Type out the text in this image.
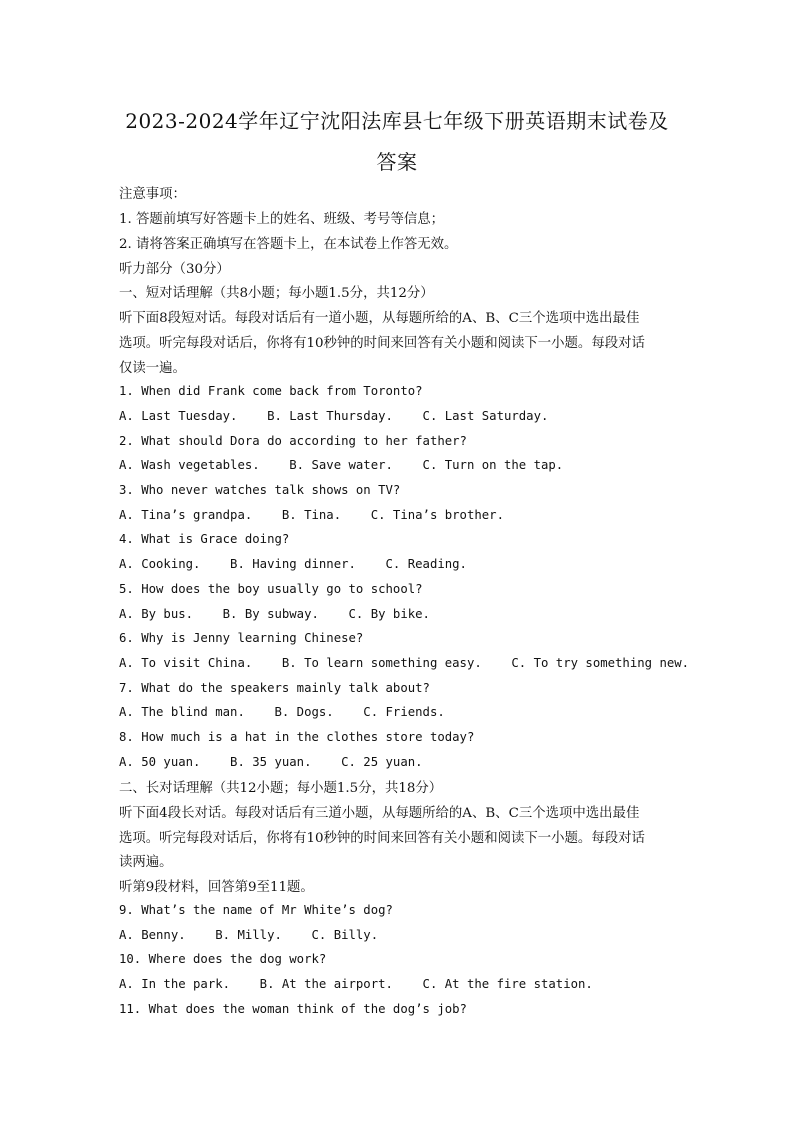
2023-2024学年辽宁沈阳法库县七年级下册英语期末试卷及
答案
注意事项：
1. 答题前填写好答题卡上的姓名、班级、考号等信息；
2. 请将答案正确填写在答题卡上，在本试卷上作答无效。
听力部分（30分）
一、短对话理解（共8小题；每小题1.5分，共12分）
听下面8段短对话。每段对话后有一道小题，从每题所给的A、B、C三个选项中选出最佳
选项。听完每段对话后，你将有10秒钟的时间来回答有关小题和阅读下一小题。每段对话
仅读一遍。
1. When did Frank come back from Toronto?
A. Last Tuesday.    B. Last Thursday.    C. Last Saturday.
2. What should Dora do according to her father?
A. Wash vegetables.    B. Save water.    C. Turn on the tap.
3. Who never watches talk shows on TV?
A. Tina’s grandpa.    B. Tina.    C. Tina’s brother.
4. What is Grace doing?
A. Cooking.    B. Having dinner.    C. Reading.
5. How does the boy usually go to school?
A. By bus.    B. By subway.    C. By bike.
6. Why is Jenny learning Chinese?
A. To visit China.    B. To learn something easy.    C. To try something new.
7. What do the speakers mainly talk about?
A. The blind man.    B. Dogs.    C. Friends.
8. How much is a hat in the clothes store today?
A. 50 yuan.    B. 35 yuan.    C. 25 yuan.
二、长对话理解（共12小题；每小题1.5分，共18分）
听下面4段长对话。每段对话后有三道小题，从每题所给的A、B、C三个选项中选出最佳
选项。听完每段对话后，你将有10秒钟的时间来回答有关小题和阅读下一小题。每段对话
读两遍。
听第9段材料，回答第9至11题。
9. What’s the name of Mr White’s dog?
A. Benny.    B. Milly.    C. Billy.
10. Where does the dog work?
A. In the park.    B. At the airport.    C. At the fire station.
11. What does the woman think of the dog’s job?
